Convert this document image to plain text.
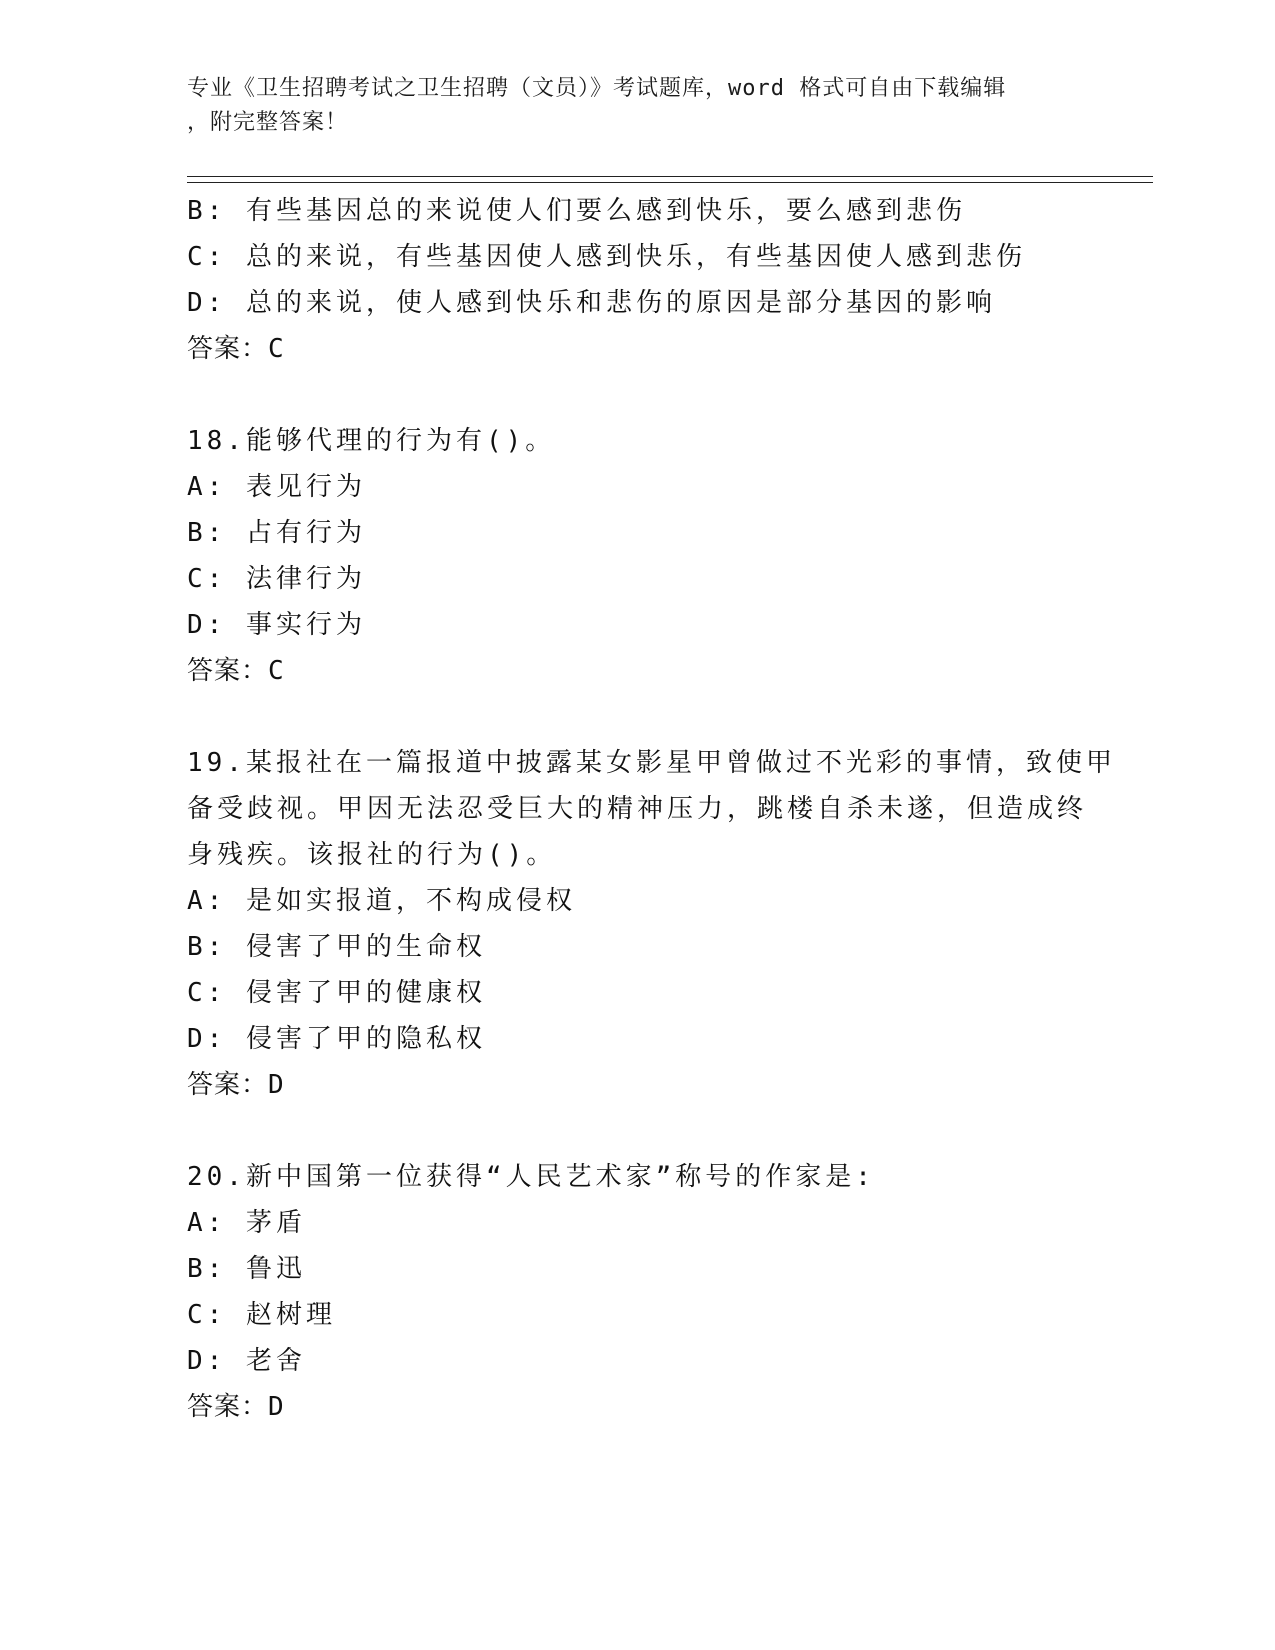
专业《卫生招聘考试之卫生招聘（文员）》考试题库，word 格式可自由下载编辑
，附完整答案！
B: 有些基因总的来说使人们要么感到快乐，要么感到悲伤
C: 总的来说，有些基因使人感到快乐，有些基因使人感到悲伤
D: 总的来说，使人感到快乐和悲伤的原因是部分基因的影响
答案：C
18.能够代理的行为有()。
A: 表见行为
B: 占有行为
C: 法律行为
D: 事实行为
答案：C
19.某报社在一篇报道中披露某女影星甲曾做过不光彩的事情，致使甲
备受歧视。甲因无法忍受巨大的精神压力，跳楼自杀未遂，但造成终
身残疾。该报社的行为()。
A: 是如实报道，不构成侵权
B: 侵害了甲的生命权
C: 侵害了甲的健康权
D: 侵害了甲的隐私权
答案：D
20.新中国第一位获得“人民艺术家”称号的作家是:
A: 茅盾
B: 鲁迅
C: 赵树理
D: 老舍
答案：D
